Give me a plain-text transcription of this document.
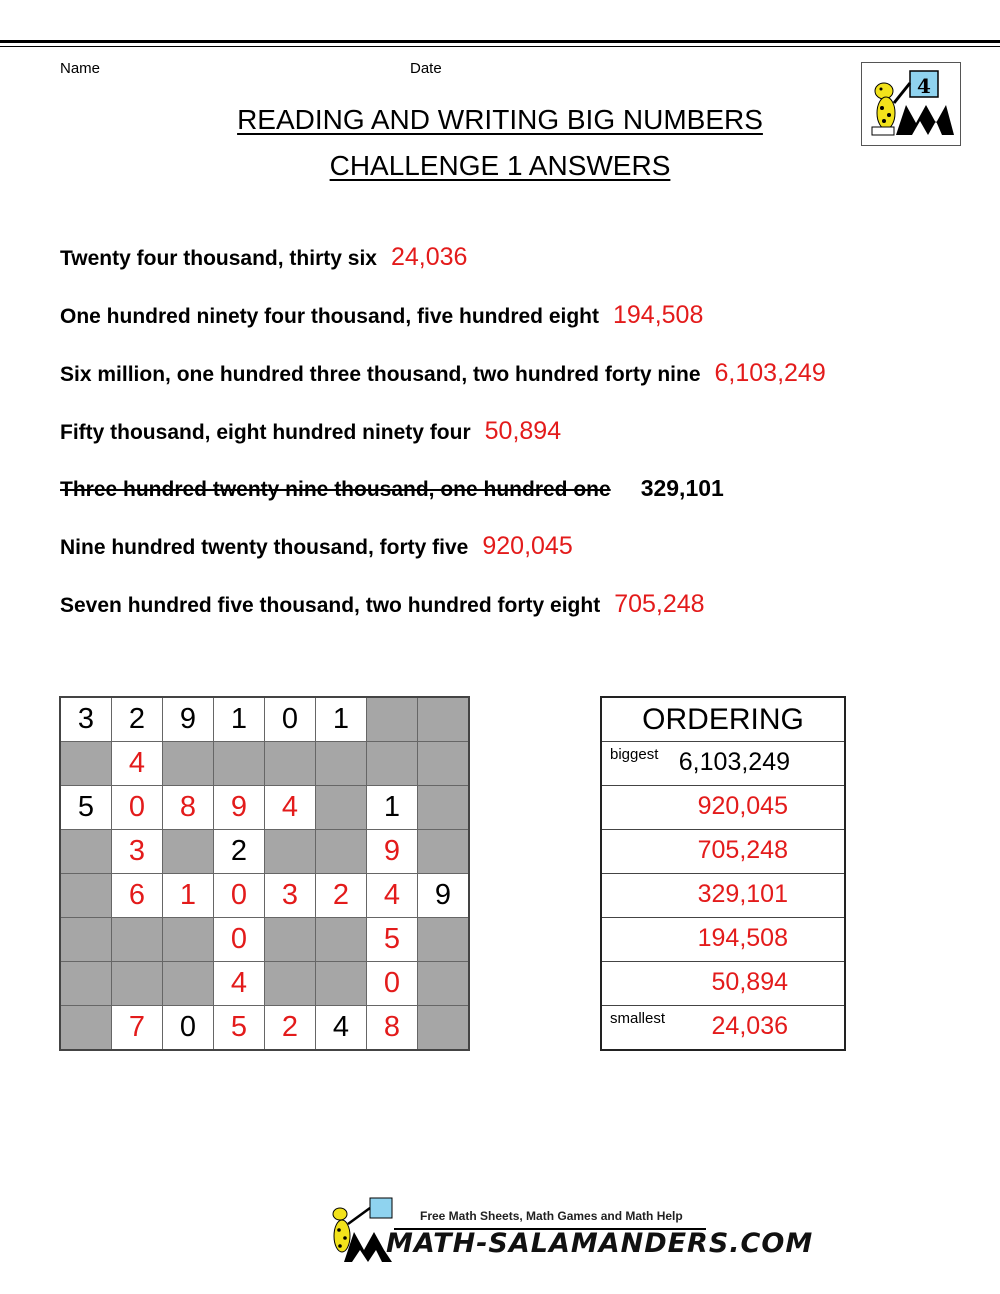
Name	Date
4
READING AND WRITING BIG NUMBERS
CHALLENGE 1 ANSWERS
Twenty four thousand, thirty six 24,036
One hundred ninety four thousand, five hundred eight 194,508
Six million, one hundred three thousand, two hundred forty nine 6,103,249
Fifty thousand, eight hundred ninety four 50,894
Three hundred twenty nine thousand, one hundred one 329,101
Nine hundred twenty thousand, forty five 920,045
Seven hundred five thousand, two hundred forty eight 705,248
3	2	9	1	0	1		
	4						
5	0	8	9	4		1	
	3		2			9	
	6	1	0	3	2	4	9
			0			5	
			4			0	
	7	0	5	2	4	8	
ORDERING

biggest 6,103,249

920,045

705,248

329,101

194,508

50,894

smallest 24,036
Free Math Sheets, Math Games and Math Help
MATH-SALAMANDERS.COM
